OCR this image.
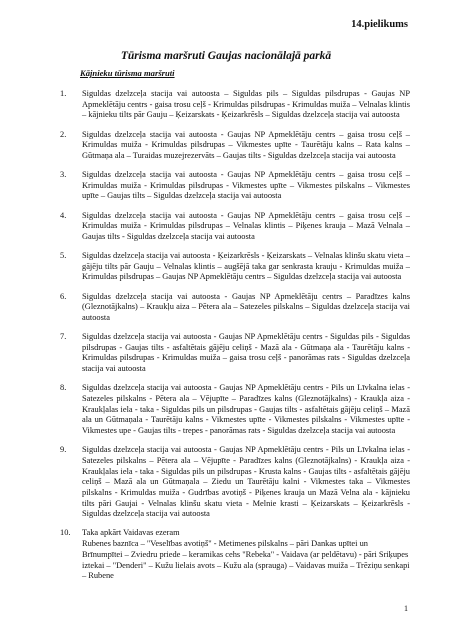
14.pielikums
Tūrisma maršruti Gaujas nacionālajā parkā
Kājnieku tūrisma maršruti
1. Siguldas dzelzceļa stacija vai autoosta – Siguldas pils – Siguldas pilsdrupas - Gaujas NP Apmeklētāju centrs - gaisa trosu ceļš - Krimuldas pilsdrupas - Krimuldas muiža – Velnalas klintis – kājnieku tilts pār Gauju – Ķeizarskats - Ķeizarkrēsls – Siguldas dzelzceļa stacija vai autoosta
2. Siguldas dzelzceļa stacija vai autoosta - Gaujas NP Apmeklētāju centrs – gaisa trosu ceļš – Krimuldas muiža - Krimuldas pilsdrupas – Vikmestes upīte - Taurētāju kalns – Rata kalns – Gūtmaņa ala – Turaidas muzejrezervāts – Gaujas tilts - Siguldas dzelzceļa stacija vai autoosta
3. Siguldas dzelzceļa stacija vai autoosta - Gaujas NP Apmeklētāju centrs – gaisa trosu ceļš – Krimuldas muiža - Krimuldas pilsdrupas - Vikmestes upīte – Vikmestes pilskalns – Vikmestes upīte – Gaujas tilts – Siguldas dzelzceļa stacija vai autoosta
4. Siguldas dzelzceļa stacija vai autoosta - Gaujas NP Apmeklētāju centrs – gaisa trosu ceļš – Krimuldas muiža - Krimuldas pilsdrupas – Velnalas klintis – Piķenes krauja – Mazā Velnala – Gaujas tilts - Siguldas dzelzceļa stacija vai autoosta
5. Siguldas dzelzceļa stacija vai autoosta - Ķeizarkrēsls - Ķeizarskats – Velnalas klinšu skatu vieta – gājēju tilts pār Gauju – Velnalas klintis – augšējā taka gar senkrasta krauju - Krimuldas muiža – Krimuldas pilsdrupas – Gaujas NP Apmeklētāju centrs – Siguldas dzelzceļa stacija vai autoosta
6. Siguldas dzelzceļa stacija vai autoosta - Gaujas NP Apmeklētāju centrs – Paradīzes kalns (Gleznotājkalns) – Kraukļu aiza – Pētera ala – Satezeles pilskalns – Siguldas dzelzceļa stacija vai autoosta
7. Siguldas dzelzceļa stacija vai autoosta - Gaujas NP Apmeklētāju centrs - Siguldas pils - Siguldas pilsdrupas - Gaujas tilts - asfaltētais gājēju celiņš - Mazā ala - Gūtmaņa ala - Taurētāju kalns - Krimuldas pilsdrupas - Krimuldas muiža – gaisa trosu ceļš - panorāmas rats - Siguldas dzelzceļa stacija vai autoosta
8. Siguldas dzelzceļa stacija vai autoosta - Gaujas NP Apmeklētāju centrs - Pils un Līvkalna ielas - Satezeles pilskalns - Pētera ala – Vējupīte – Paradīzes kalns (Gleznotājkalns) - Kraukļa aiza - Kraukļalas iela - taka - Siguldas pils un pilsdrupas - Gaujas tilts - asfaltētais gājēju celiņš – Mazā ala un Gūtmaņala - Taurētāju kalns - Vikmestes upīte - Vikmestes pilskalns - Vikmestes upīte - Vikmestes upe - Gaujas tilts - trepes - panorāmas rats - Siguldas dzelzceļa stacija vai autoosta
9. Siguldas dzelzceļa stacija vai autoosta - Gaujas NP Apmeklētāju centrs - Pils un Līvkalna ielas - Satezeles pilskalns – Pētera ala – Vējupīte - Paradīzes kalns (Gleznotājkalns) - Kraukļa aiza - Kraukļalas iela - taka - Siguldas pils un pilsdrupas - Krusta kalns - Gaujas tilts - asfaltētais gājēju celiņš – Mazā ala un Gūtmaņala – Ziedu un Taurētāju kalni - Vikmestes taka – Vikmestes pilskalns - Krimuldas muiža - Gudrības avotiņš - Piķenes krauja un Mazā Velna ala - kājnieku tilts pāri Gaujai - Velnalas klinšu skatu vieta - Melnie krasti – Ķeizarskats – Ķeizarkrēsls - Siguldas dzelzceļa stacija vai autoosta
10. Taka apkārt Vaidavas ezeram
Rubenes baznīca – "Veselības avotiņš" - Metimenes pilskalns – pāri Dankas upītei un Brīnumpītei – Zviedru priede – keramikas cehs "Rebeka" - Vaidava (ar peldētavu) - pāri Sriķupes iztekai – "Denderi" – Kužu lielais avots – Kužu ala (sprauga) – Vaidavas muiža – Trēziņu senkapi – Rubene
1
